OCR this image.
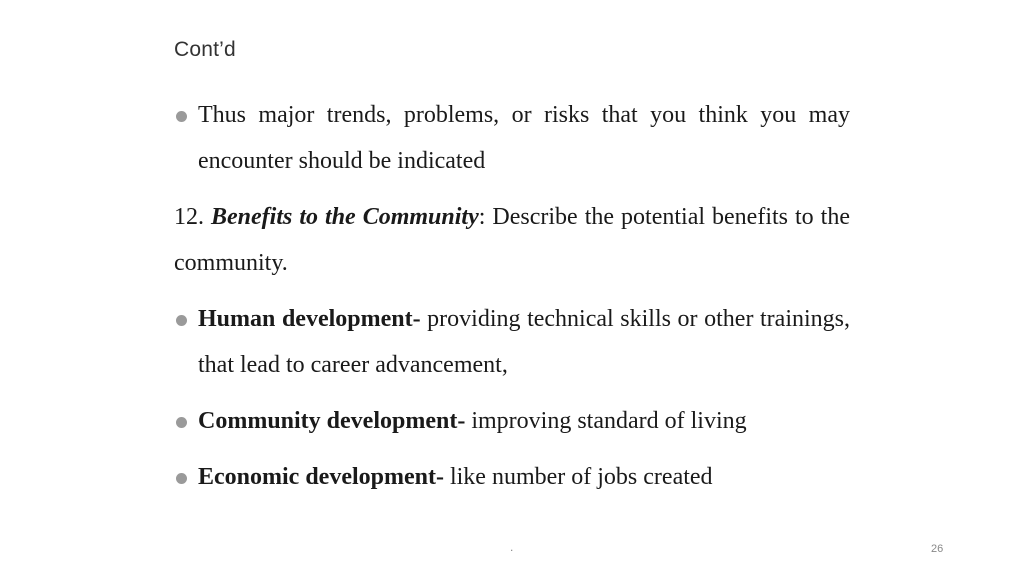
Cont’d
Thus major trends, problems, or risks that you think you may encounter should be indicated
12. Benefits to the Community: Describe the potential benefits to the community.
Human development- providing technical skills or other trainings, that lead to career advancement,
Community development- improving standard of living
Economic development- like number of jobs created
.	26
